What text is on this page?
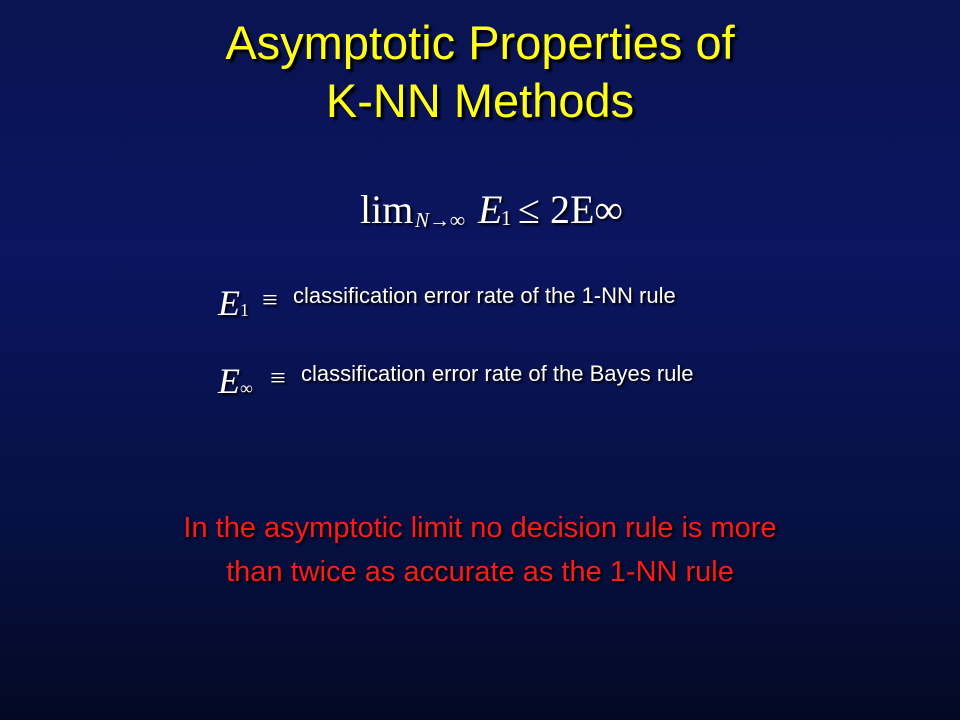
Asymptotic Properties of
K-NN Methods
lim N→∞ E
1 ≤ 2E∞
E 1 ≡ classification error rate of the 1-NN rule
E ∞ ≡ classification error rate of the Bayes rule
In the asymptotic limit no decision rule is more
than twice as accurate as the 1-NN rule
